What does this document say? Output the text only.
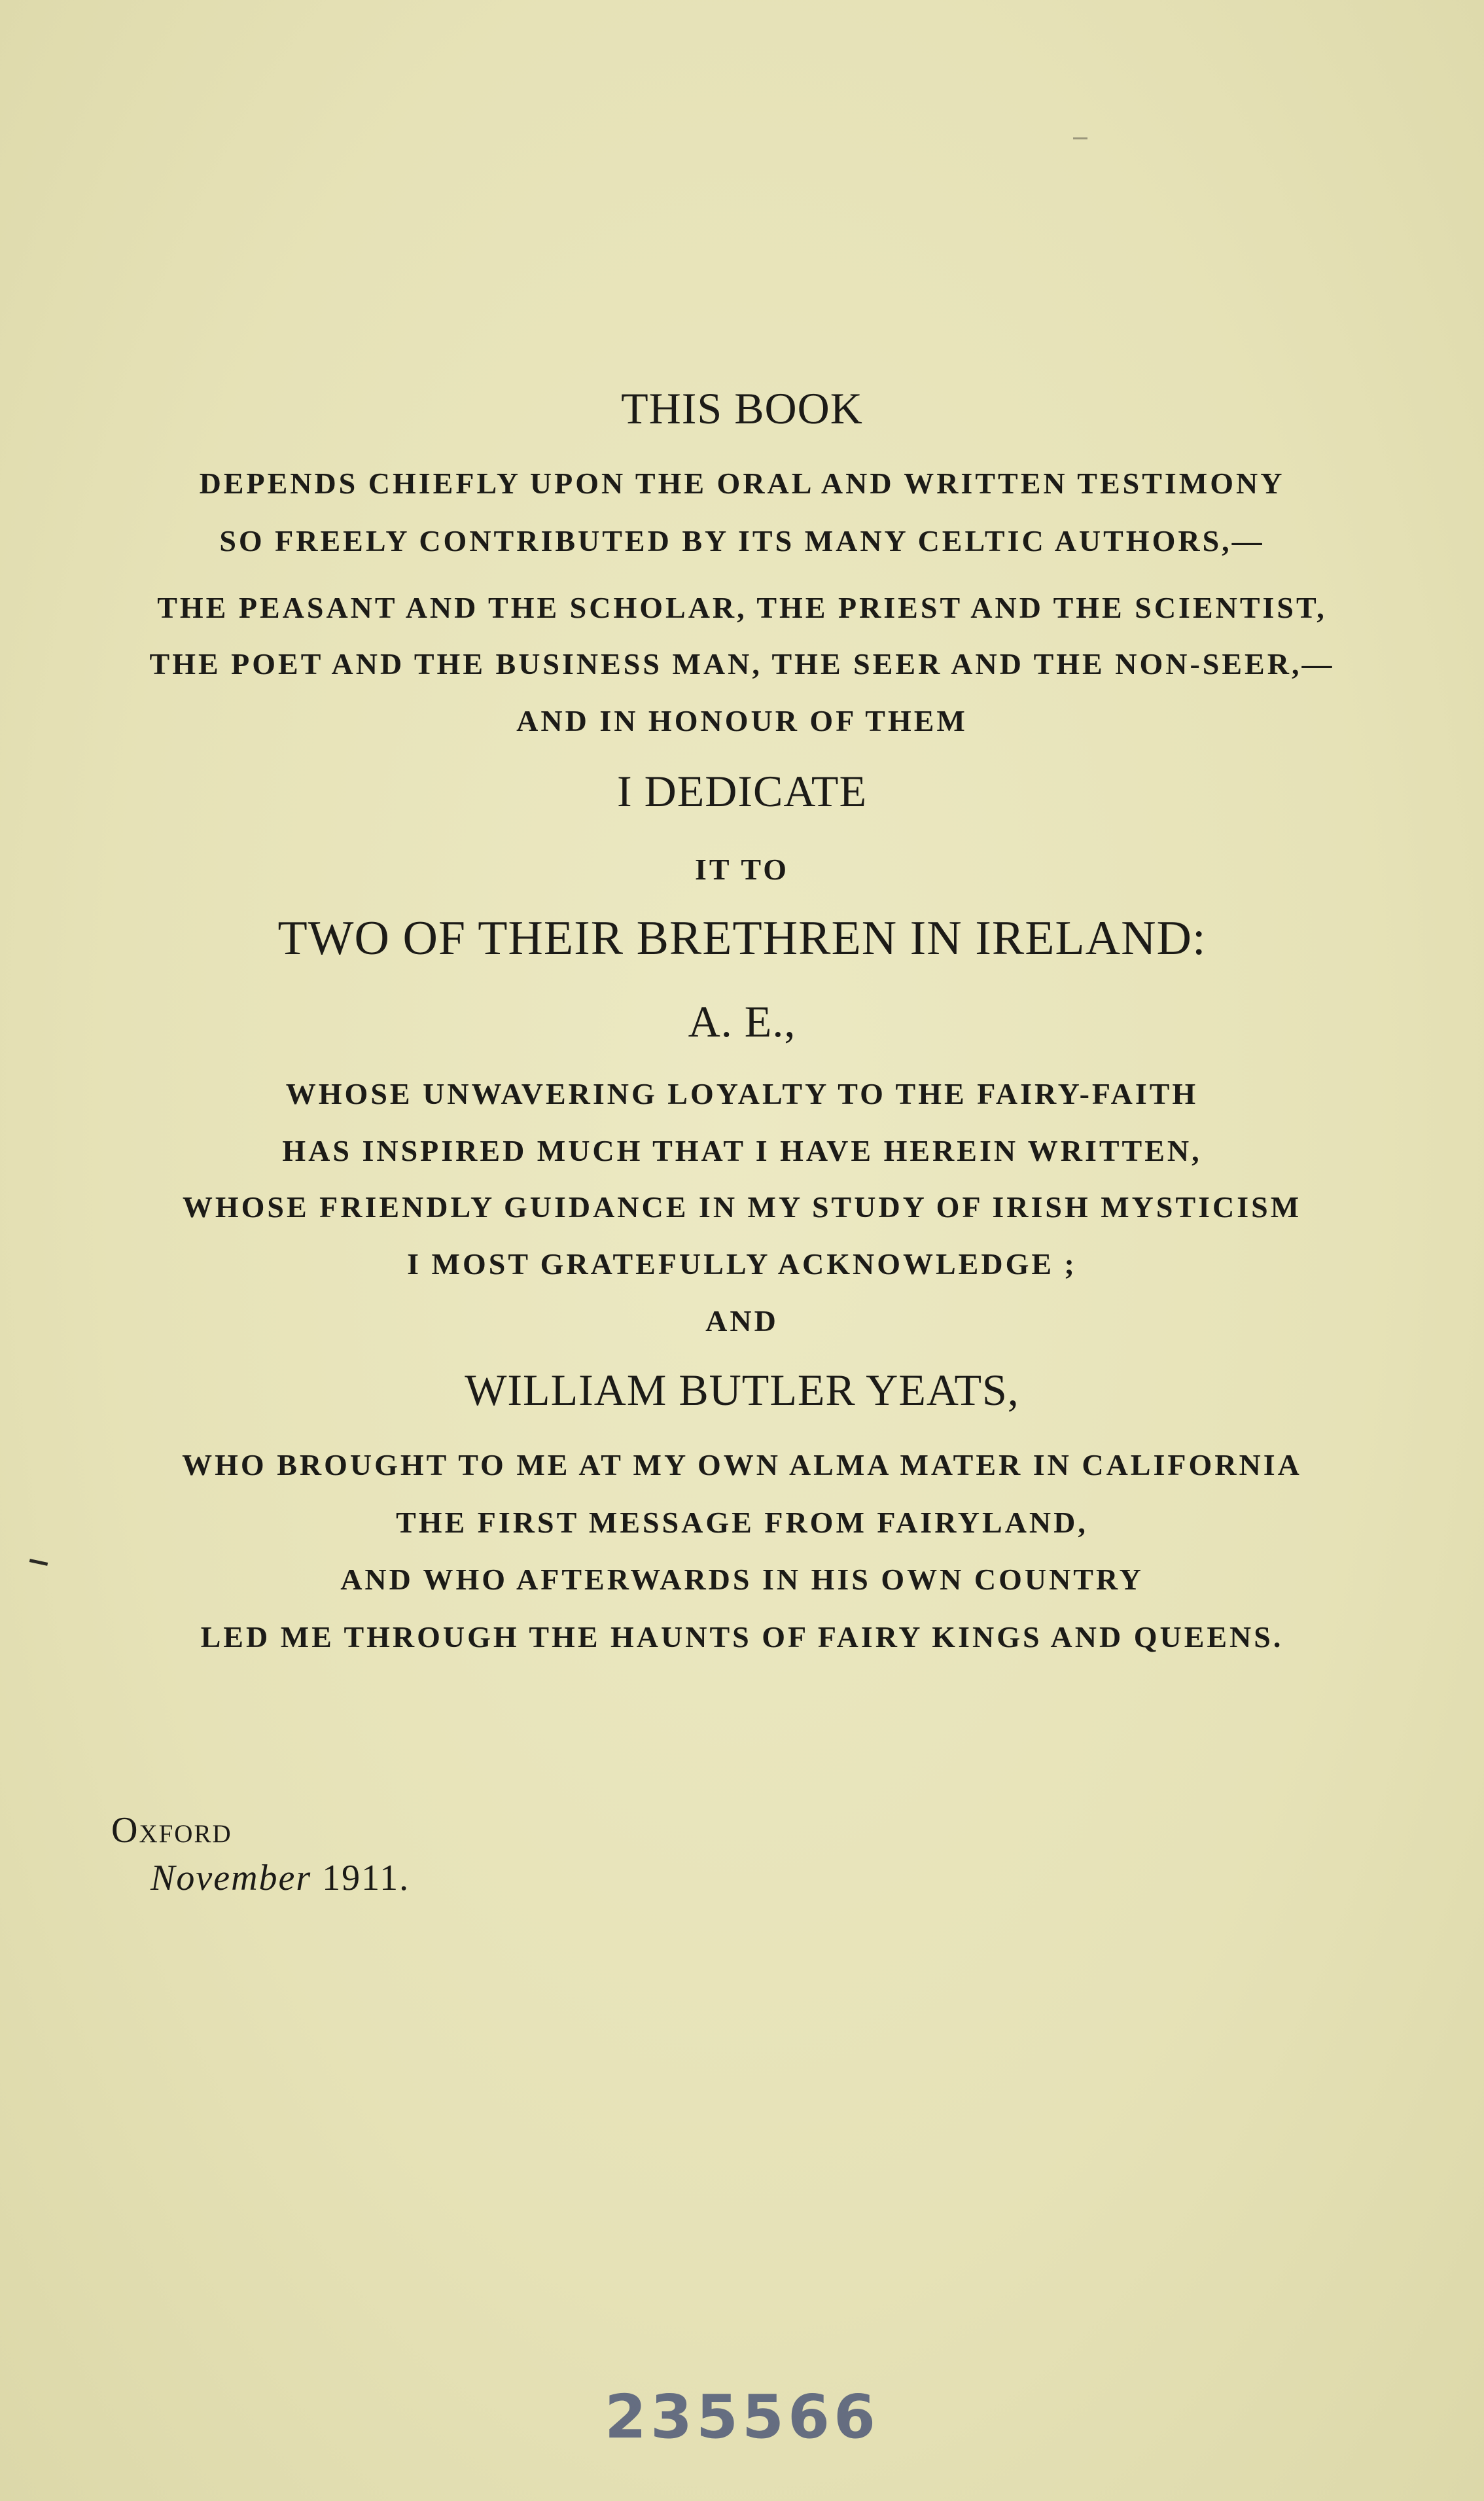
THIS BOOK
DEPENDS CHIEFLY UPON THE ORAL AND WRITTEN TESTIMONY
SO FREELY CONTRIBUTED BY ITS MANY CELTIC AUTHORS,—
THE PEASANT AND THE SCHOLAR, THE PRIEST AND THE SCIENTIST,
THE POET AND THE BUSINESS MAN, THE SEER AND THE NON-SEER,—
AND IN HONOUR OF THEM
I DEDICATE
IT TO
TWO OF THEIR BRETHREN IN IRELAND:
A. E.,
WHOSE UNWAVERING LOYALTY TO THE FAIRY-FAITH
HAS INSPIRED MUCH THAT I HAVE HEREIN WRITTEN,
WHOSE FRIENDLY GUIDANCE IN MY STUDY OF IRISH MYSTICISM
I MOST GRATEFULLY ACKNOWLEDGE ;
AND
WILLIAM BUTLER YEATS,
WHO BROUGHT TO ME AT MY OWN ALMA MATER IN CALIFORNIA
THE FIRST MESSAGE FROM FAIRYLAND,
AND WHO AFTERWARDS IN HIS OWN COUNTRY
LED ME THROUGH THE HAUNTS OF FAIRY KINGS AND QUEENS.
Oxford
November 1911.
235566
